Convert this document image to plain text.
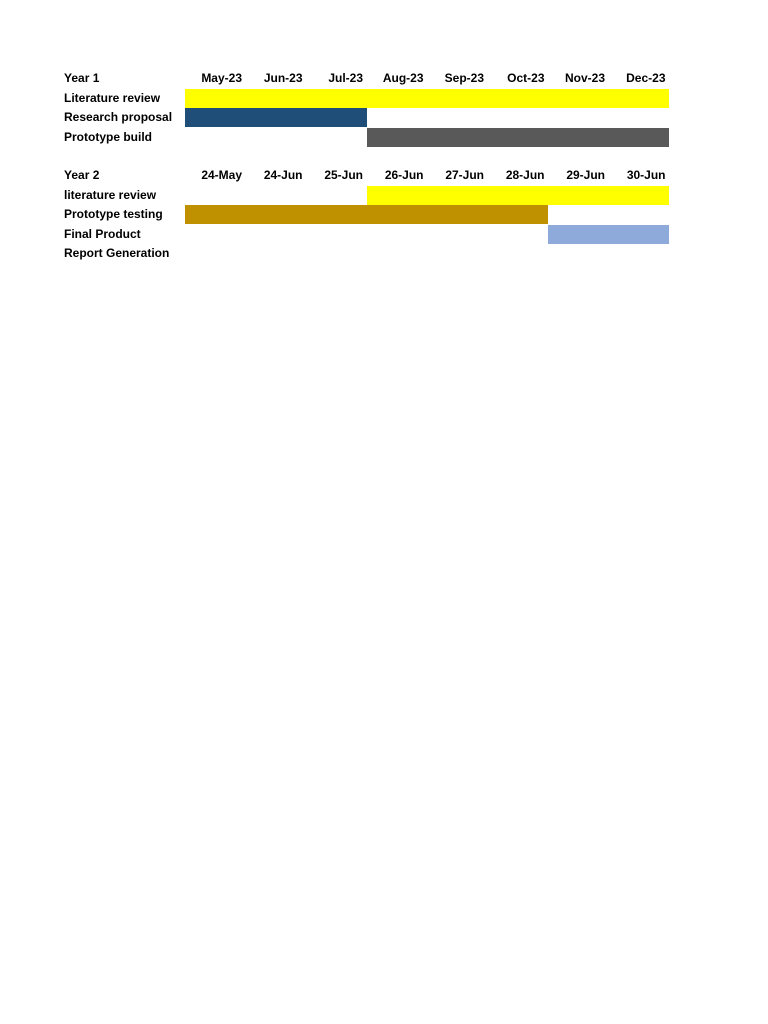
Year 1	May-23	Jun-23	Jul-23	Aug-23	Sep-23	Oct-23	Nov-23	Dec-23
Literature review
Research proposal
Prototype build
Year 2	24-May	24-Jun	25-Jun	26-Jun	27-Jun	28-Jun	29-Jun	30-Jun
literature review
Prototype testing
Final Product
Report Generation
